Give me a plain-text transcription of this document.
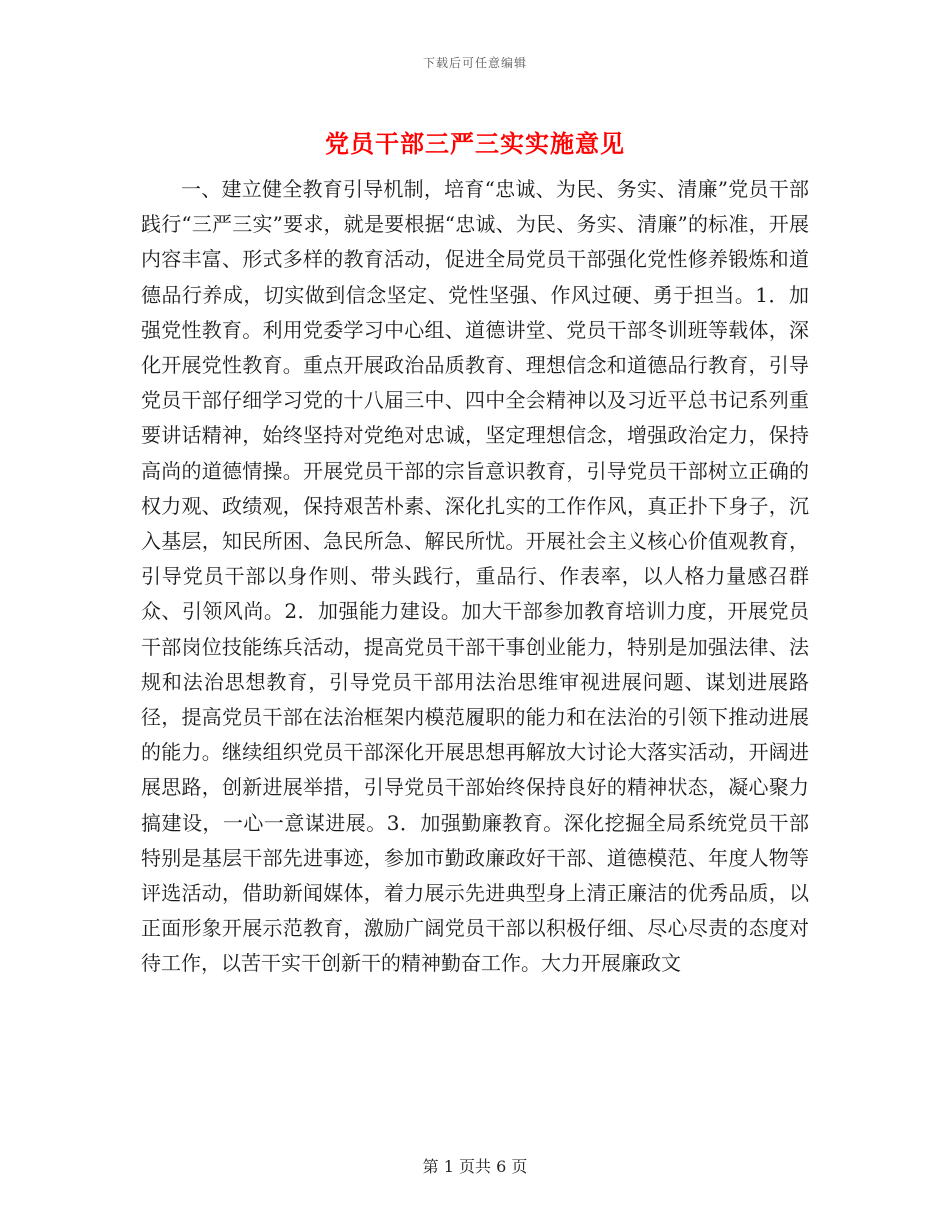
下载后可任意编辑
党员干部三严三实实施意见

一、建立健全教育引导机制，培育“忠诚、为民、务实、清廉”党员干部践行“三严三实”要求，就是要根据“忠诚、为民、务实、清廉”的标准，开展内容丰富、形式多样的教育活动，促进全局党员干部强化党性修养锻炼和道德品行养成，切实做到信念坚定、党性坚强、作风过硬、勇于担当。1．加强党性教育。利用党委学习中心组、道德讲堂、党员干部冬训班等载体，深化开展党性教育。重点开展政治品质教育、理想信念和道德品行教育，引导党员干部仔细学习党的十八届三中、四中全会精神以及习近平总书记系列重要讲话精神，始终坚持对党绝对忠诚，坚定理想信念，增强政治定力，保持高尚的道德情操。开展党员干部的宗旨意识教育，引导党员干部树立正确的权力观、政绩观，保持艰苦朴素、深化扎实的工作作风，真正扑下身子，沉入基层，知民所困、急民所急、解民所忧。开展社会主义核心价值观教育，引导党员干部以身作则、带头践行，重品行、作表率，以人格力量感召群众、引领风尚。2．加强能力建设。加大干部参加教育培训力度，开展党员干部岗位技能练兵活动，提高党员干部干事创业能力，特别是加强法律、法规和法治思想教育，引导党员干部用法治思维审视进展问题、谋划进展路径，提高党员干部在法治框架内模范履职的能力和在法治的引领下推动进展的能力。继续组织党员干部深化开展思想再解放大讨论大落实活动，开阔进展思路，创新进展举措，引导党员干部始终保持良好的精神状态，凝心聚力搞建设，一心一意谋进展。3．加强勤廉教育。深化挖掘全局系统党员干部特别是基层干部先进事迹，参加市勤政廉政好干部、道德模范、年度人物等评选活动，借助新闻媒体，着力展示先进典型身上清正廉洁的优秀品质，以正面形象开展示范教育，激励广阔党员干部以积极仔细、尽心尽责的态度对待工作，以苦干实干创新干的精神勤奋工作。大力开展廉政文

第 1 页共 6 页
